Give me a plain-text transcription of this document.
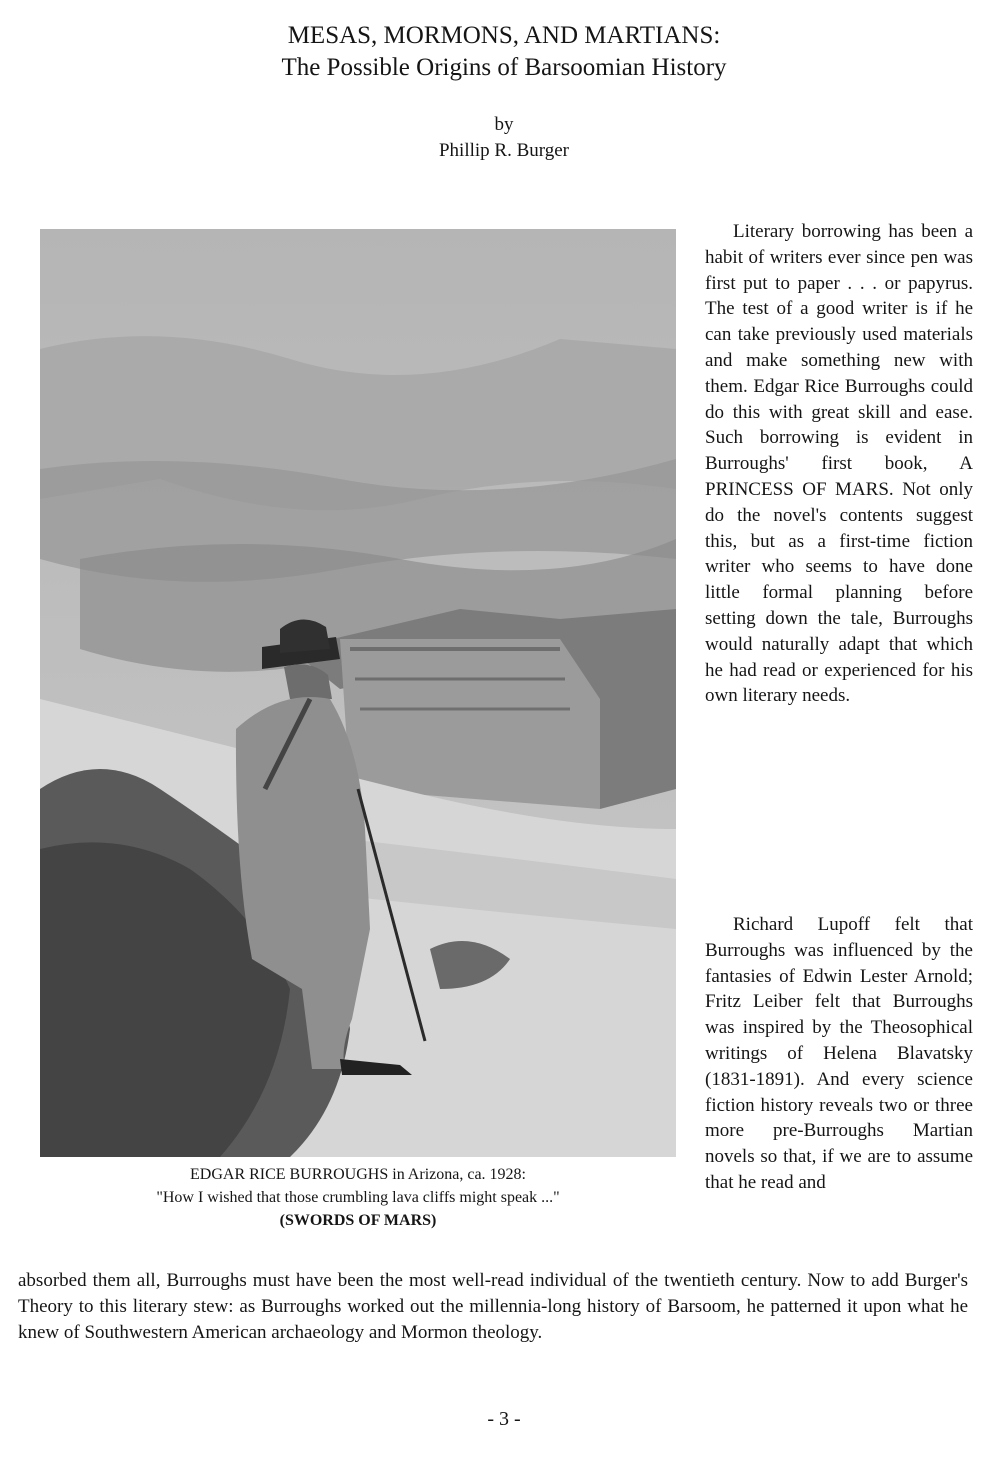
MESAS, MORMONS, AND MARTIANS:
The Possible Origins of Barsoomian History
by
Phillip R. Burger
EDGAR RICE BURROUGHS in Arizona, ca. 1928:
"How I wished that those crumbling lava cliffs might speak ..."
(SWORDS OF MARS)

Literary borrowing has been a habit of writers ever since pen was first put to paper . . . or papyrus. The test of a good writer is if he can take previously used materials and make something new with them. Edgar Rice Burroughs could do this with great skill and ease. Such borrowing is evident in Burroughs' first book, A PRINCESS OF MARS. Not only do the novel's contents suggest this, but as a first-time fiction writer who seems to have done little formal planning before setting down the tale, Burroughs would naturally adapt that which he had read or experienced for his own literary needs.

Richard Lupoff felt that Burroughs was influenced by the fantasies of Edwin Lester Arnold; Fritz Leiber felt that Burroughs was inspired by the Theosophical writings of Helena Blavatsky (1831-1891). And every science fiction history reveals two or three more pre-Burroughs Martian novels so that, if we are to assume that he read and

absorbed them all, Burroughs must have been the most well-read individual of the twentieth century. Now to add Burger's Theory to this literary stew: as Burroughs worked out the millennia-long history of Barsoom, he patterned it upon what he knew of Southwestern American archaeology and Mormon theology.
- 3 -
